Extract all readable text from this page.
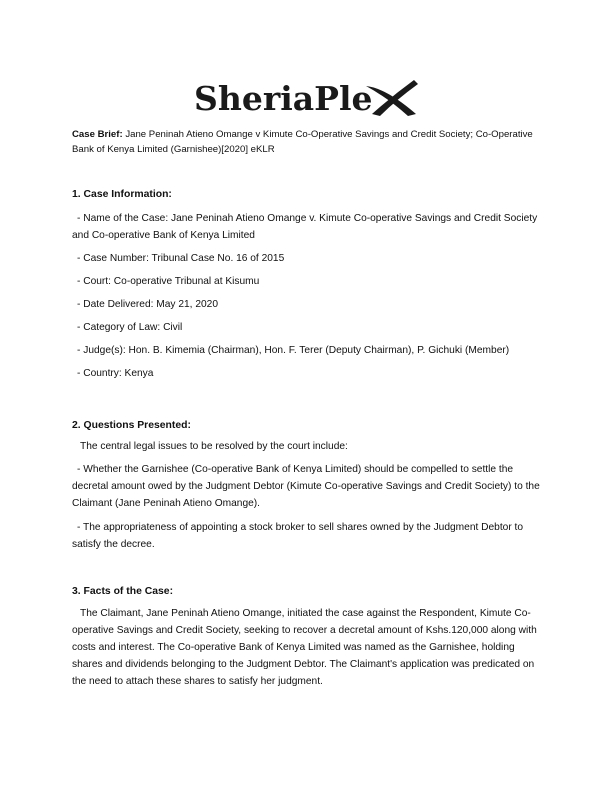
SheriaPle
Case Brief: Jane Peninah Atieno Omange v Kimute Co-Operative Savings and Credit Society; Co-Operative Bank of Kenya Limited (Garnishee)[2020] eKLR

1. Case Information:

- Name of the Case: Jane Peninah Atieno Omange v. Kimute Co-operative Savings and Credit Society and Co-operative Bank of Kenya Limited

- Case Number: Tribunal Case No. 16 of 2015

- Court: Co-operative Tribunal at Kisumu

- Date Delivered: May 21, 2020

- Category of Law: Civil

- Judge(s): Hon. B. Kimemia (Chairman), Hon. F. Terer (Deputy Chairman), P. Gichuki (Member)

- Country: Kenya

2. Questions Presented:

The central legal issues to be resolved by the court include:

- Whether the Garnishee (Co-operative Bank of Kenya Limited) should be compelled to settle the decretal amount owed by the Judgment Debtor (Kimute Co-operative Savings and Credit Society) to the Claimant (Jane Peninah Atieno Omange).

- The appropriateness of appointing a stock broker to sell shares owned by the Judgment Debtor to satisfy the decree.

3. Facts of the Case:

The Claimant, Jane Peninah Atieno Omange, initiated the case against the Respondent, Kimute Co-operative Savings and Credit Society, seeking to recover a decretal amount of Kshs.120,000 along with costs and interest. The Co-operative Bank of Kenya Limited was named as the Garnishee, holding shares and dividends belonging to the Judgment Debtor. The Claimant's application was predicated on the need to attach these shares to satisfy her judgment.
